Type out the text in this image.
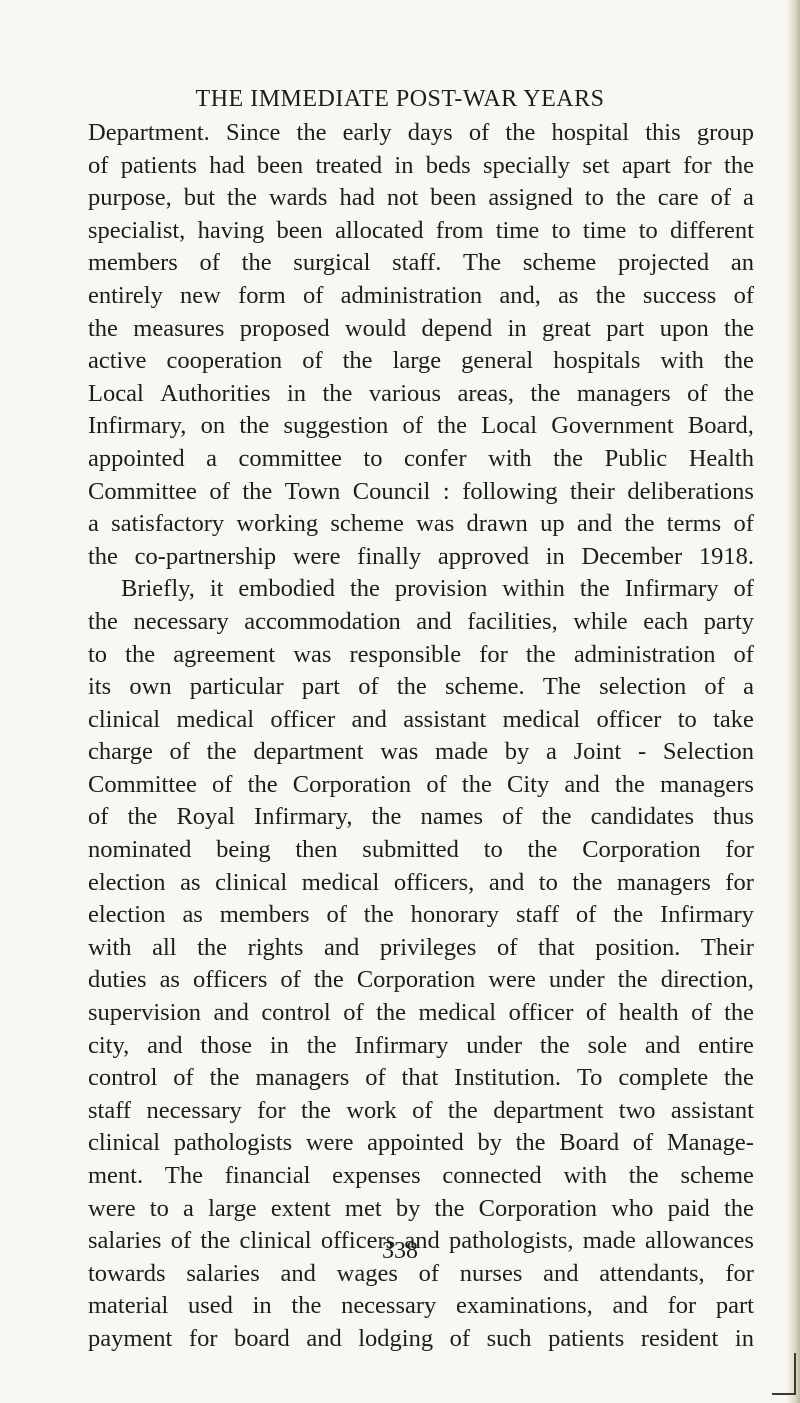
THE IMMEDIATE POST-WAR YEARS
Department. Since the early days of the hospital this group
of patients had been treated in beds specially set apart for the
purpose, but the wards had not been assigned to the care of a
specialist, having been allocated from time to time to different
members of the surgical staff. The scheme projected an
entirely new form of administration and, as the success of
the measures proposed would depend in great part upon the
active cooperation of the large general hospitals with the
Local Authorities in the various areas, the managers of the
Infirmary, on the suggestion of the Local Government Board,
appointed a committee to confer with the Public Health
Committee of the Town Council : following their deliberations
a satisfactory working scheme was drawn up and the terms of
the co-partnership were finally approved in December 1918.
Briefly, it embodied the provision within the Infirmary of
the necessary accommodation and facilities, while each party
to the agreement was responsible for the administration of
its own particular part of the scheme. The selection of a
clinical medical officer and assistant medical officer to take
charge of the department was made by a Joint - Selection
Committee of the Corporation of the City and the managers
of the Royal Infirmary, the names of the candidates thus
nominated being then submitted to the Corporation for
election as clinical medical officers, and to the managers for
election as members of the honorary staff of the Infirmary
with all the rights and privileges of that position. Their
duties as officers of the Corporation were under the direction,
supervision and control of the medical officer of health of the
city, and those in the Infirmary under the sole and entire
control of the managers of that Institution. To complete the
staff necessary for the work of the department two assistant
clinical pathologists were appointed by the Board of Manage-
ment. The financial expenses connected with the scheme
were to a large extent met by the Corporation who paid the
salaries of the clinical officers and pathologists, made allowances
towards salaries and wages of nurses and attendants, for
material used in the necessary examinations, and for part
payment for board and lodging of such patients resident in
338
